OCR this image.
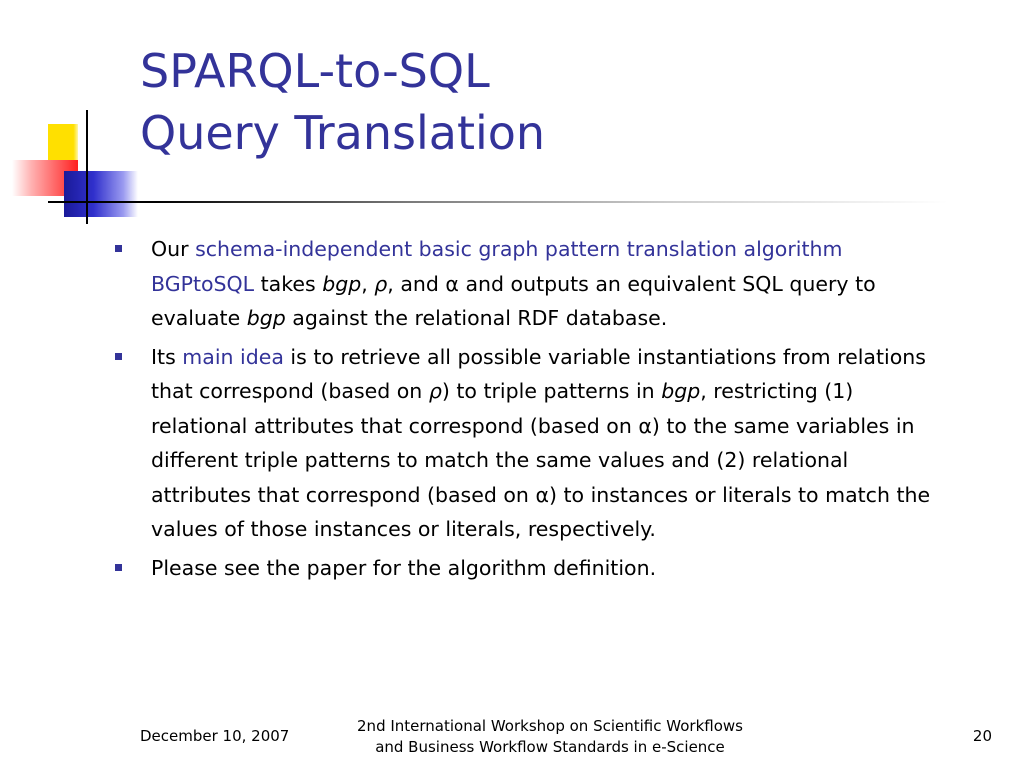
SPARQL-to-SQL
Query Translation
Our schema-independent basic graph pattern translation algorithm BGPtoSQL takes bgp, ρ, and α and outputs an equivalent SQL query to evaluate bgp against the relational RDF database.
Its main idea is to retrieve all possible variable instantiations from relations that correspond (based on ρ) to triple patterns in bgp, restricting (1) relational attributes that correspond (based on α) to the same variables in different triple patterns to match the same values and (2) relational attributes that correspond (based on α) to instances or literals to match the values of those instances or literals, respectively.
Please see the paper for the algorithm definition.
December 10, 2007
2nd International Workshop on Scientific Workflows
and Business Workflow Standards in e-Science
20
